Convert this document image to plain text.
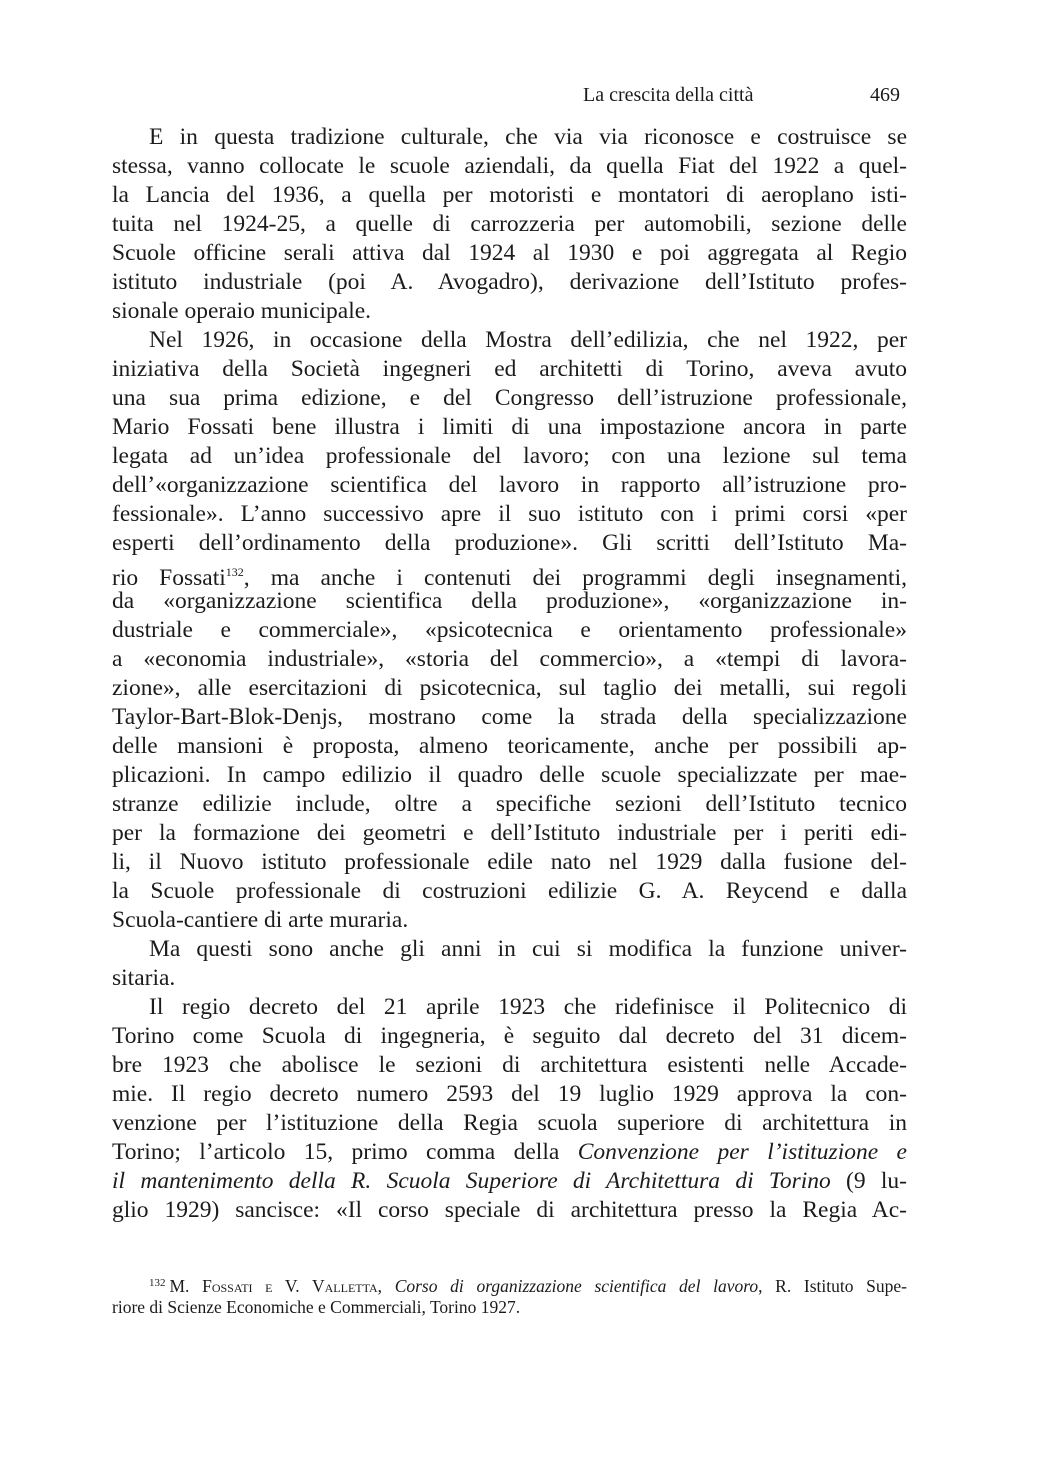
La crescita della città	469
E in questa tradizione culturale, che via via riconosce e costruisce se
stessa, vanno collocate le scuole aziendali, da quella Fiat del 1922 a quel-
la Lancia del 1936, a quella per motoristi e montatori di aeroplano isti-
tuita nel 1924-25, a quelle di carrozzeria per automobili, sezione delle
Scuole officine serali attiva dal 1924 al 1930 e poi aggregata al Regio
istituto industriale (poi A. Avogadro), derivazione dell’Istituto profes-
sionale operaio municipale.
Nel 1926, in occasione della Mostra dell’edilizia, che nel 1922, per
iniziativa della Società ingegneri ed architetti di Torino, aveva avuto
una sua prima edizione, e del Congresso dell’istruzione professionale,
Mario Fossati bene illustra i limiti di una impostazione ancora in parte
legata ad un’idea professionale del lavoro; con una lezione sul tema
dell’«organizzazione scientifica del lavoro in rapporto all’istruzione pro-
fessionale». L’anno successivo apre il suo istituto con i primi corsi «per
esperti dell’ordinamento della produzione». Gli scritti dell’Istituto Ma-
rio Fossati$^{132}$, ma anche i contenuti dei programmi degli insegnamenti,
da «organizzazione scientifica della produzione», «organizzazione in-
dustriale e commerciale», «psicotecnica e orientamento professionale»
a «economia industriale», «storia del commercio», a «tempi di lavora-
zione», alle esercitazioni di psicotecnica, sul taglio dei metalli, sui regoli
Taylor-Bart-Blok-Denjs, mostrano come la strada della specializzazione
delle mansioni è proposta, almeno teoricamente, anche per possibili ap-
plicazioni. In campo edilizio il quadro delle scuole specializzate per mae-
stranze edilizie include, oltre a specifiche sezioni dell’Istituto tecnico
per la formazione dei geometri e dell’Istituto industriale per i periti edi-
li, il Nuovo istituto professionale edile nato nel 1929 dalla fusione del-
la Scuole professionale di costruzioni edilizie G. A. Reycend e dalla
Scuola-cantiere di arte muraria.
Ma questi sono anche gli anni in cui si modifica la funzione univer-
sitaria.
Il regio decreto del 21 aprile 1923 che ridefinisce il Politecnico di
Torino come Scuola di ingegneria, è seguito dal decreto del 31 dicem-
bre 1923 che abolisce le sezioni di architettura esistenti nelle Accade-
mie. Il regio decreto numero 2593 del 19 luglio 1929 approva la con-
venzione per l’istituzione della Regia scuola superiore di architettura in
Torino; l’articolo 15, primo comma della Convenzione per l’istituzione e
il mantenimento della R. Scuola Superiore di Architettura di Torino (9 lu-
glio 1929) sancisce: «Il corso speciale di architettura presso la Regia Ac-
$^{132}$ M. Fossati e V. Valletta, Corso di organizzazione scientifica del lavoro, R. Istituto Supe-
riore di Scienze Economiche e Commerciali, Torino 1927.
